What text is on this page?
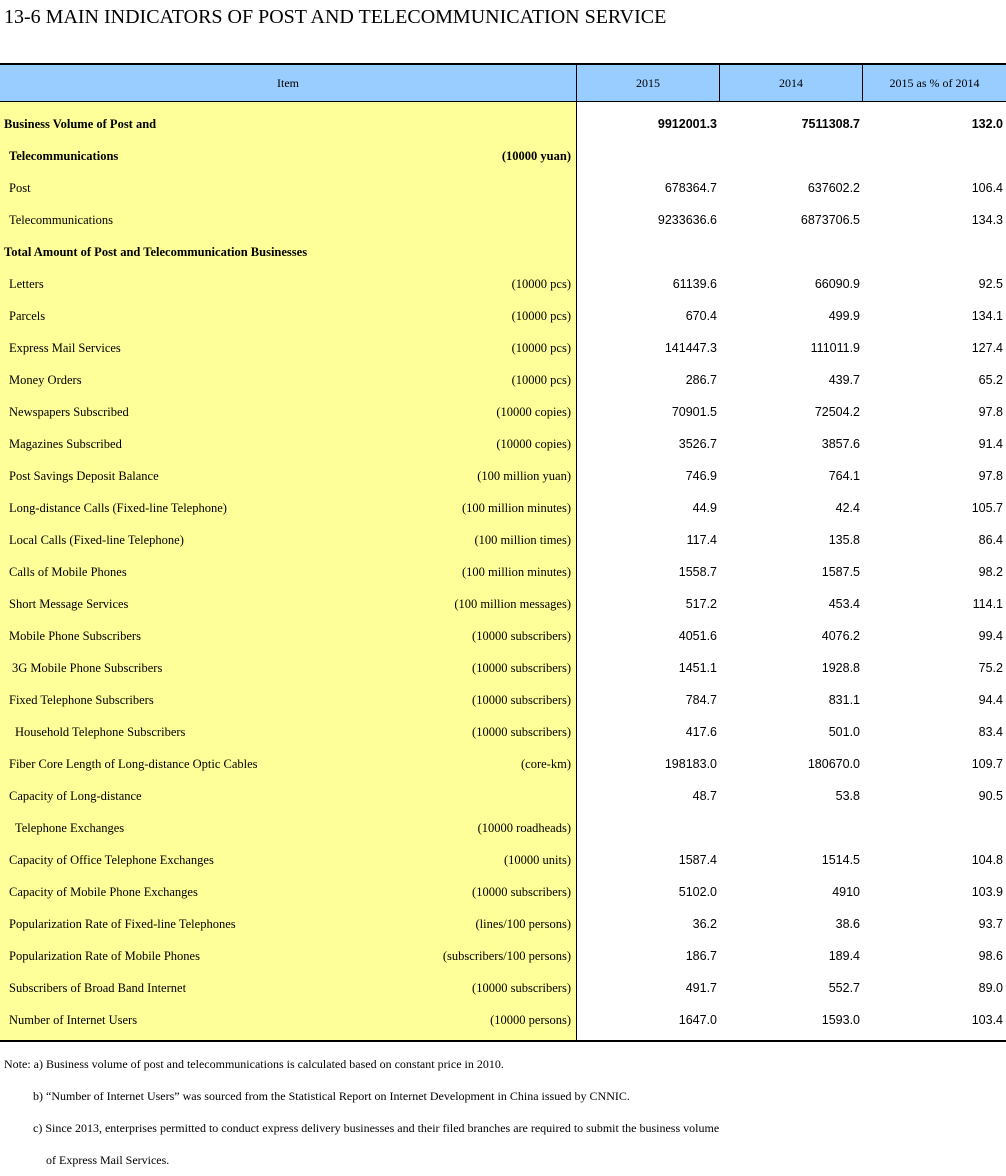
13-6 MAIN INDICATORS OF POST AND TELECOMMUNICATION SERVICE
Item	2015	2014	2015 as % of 2014
Business Volume of Post and	9912001.3	7511308.7	132.0
Telecommunications	(10000 yuan)
Post	678364.7	637602.2	106.4
Telecommunications	9233636.6	6873706.5	134.3
Total Amount of Post and Telecommunication Businesses
Letters	(10000 pcs)	61139.6	66090.9	92.5
Parcels	(10000 pcs)	670.4	499.9	134.1
Express Mail Services	(10000 pcs)	141447.3	111011.9	127.4
Money Orders	(10000 pcs)	286.7	439.7	65.2
Newspapers Subscribed	(10000 copies)	70901.5	72504.2	97.8
Magazines Subscribed	(10000 copies)	3526.7	3857.6	91.4
Post Savings Deposit Balance	(100 million yuan)	746.9	764.1	97.8
Long-distance Calls (Fixed-line Telephone)	(100 million minutes)	44.9	42.4	105.7
Local Calls (Fixed-line Telephone)	(100 million times)	117.4	135.8	86.4
Calls of Mobile Phones	(100 million minutes)	1558.7	1587.5	98.2
Short Message Services	(100 million messages)	517.2	453.4	114.1
Mobile Phone Subscribers	(10000 subscribers)	4051.6	4076.2	99.4
3G Mobile Phone Subscribers	(10000 subscribers)	1451.1	1928.8	75.2
Fixed Telephone Subscribers	(10000 subscribers)	784.7	831.1	94.4
Household Telephone Subscribers	(10000 subscribers)	417.6	501.0	83.4
Fiber Core Length of Long-distance Optic Cables	(core-km)	198183.0	180670.0	109.7
Capacity of Long-distance	48.7	53.8	90.5
Telephone Exchanges	(10000 roadheads)
Capacity of Office Telephone Exchanges	(10000 units)	1587.4	1514.5	104.8
Capacity of Mobile Phone Exchanges	(10000 subscribers)	5102.0	4910	103.9
Popularization Rate of Fixed-line Telephones	(lines/100 persons)	36.2	38.6	93.7
Popularization Rate of Mobile Phones	(subscribers/100 persons)	186.7	189.4	98.6
Subscribers of Broad Band Internet	(10000 subscribers)	491.7	552.7	89.0
Number of Internet Users	(10000 persons)	1647.0	1593.0	103.4
Note: a) Business volume of post and telecommunications is calculated based on constant price in 2010.
b) “Number of Internet Users” was sourced from the Statistical Report on Internet Development in China issued by CNNIC.
c) Since 2013, enterprises permitted to conduct express delivery businesses and their filed branches are required to submit the business volume
of Express Mail Services.
